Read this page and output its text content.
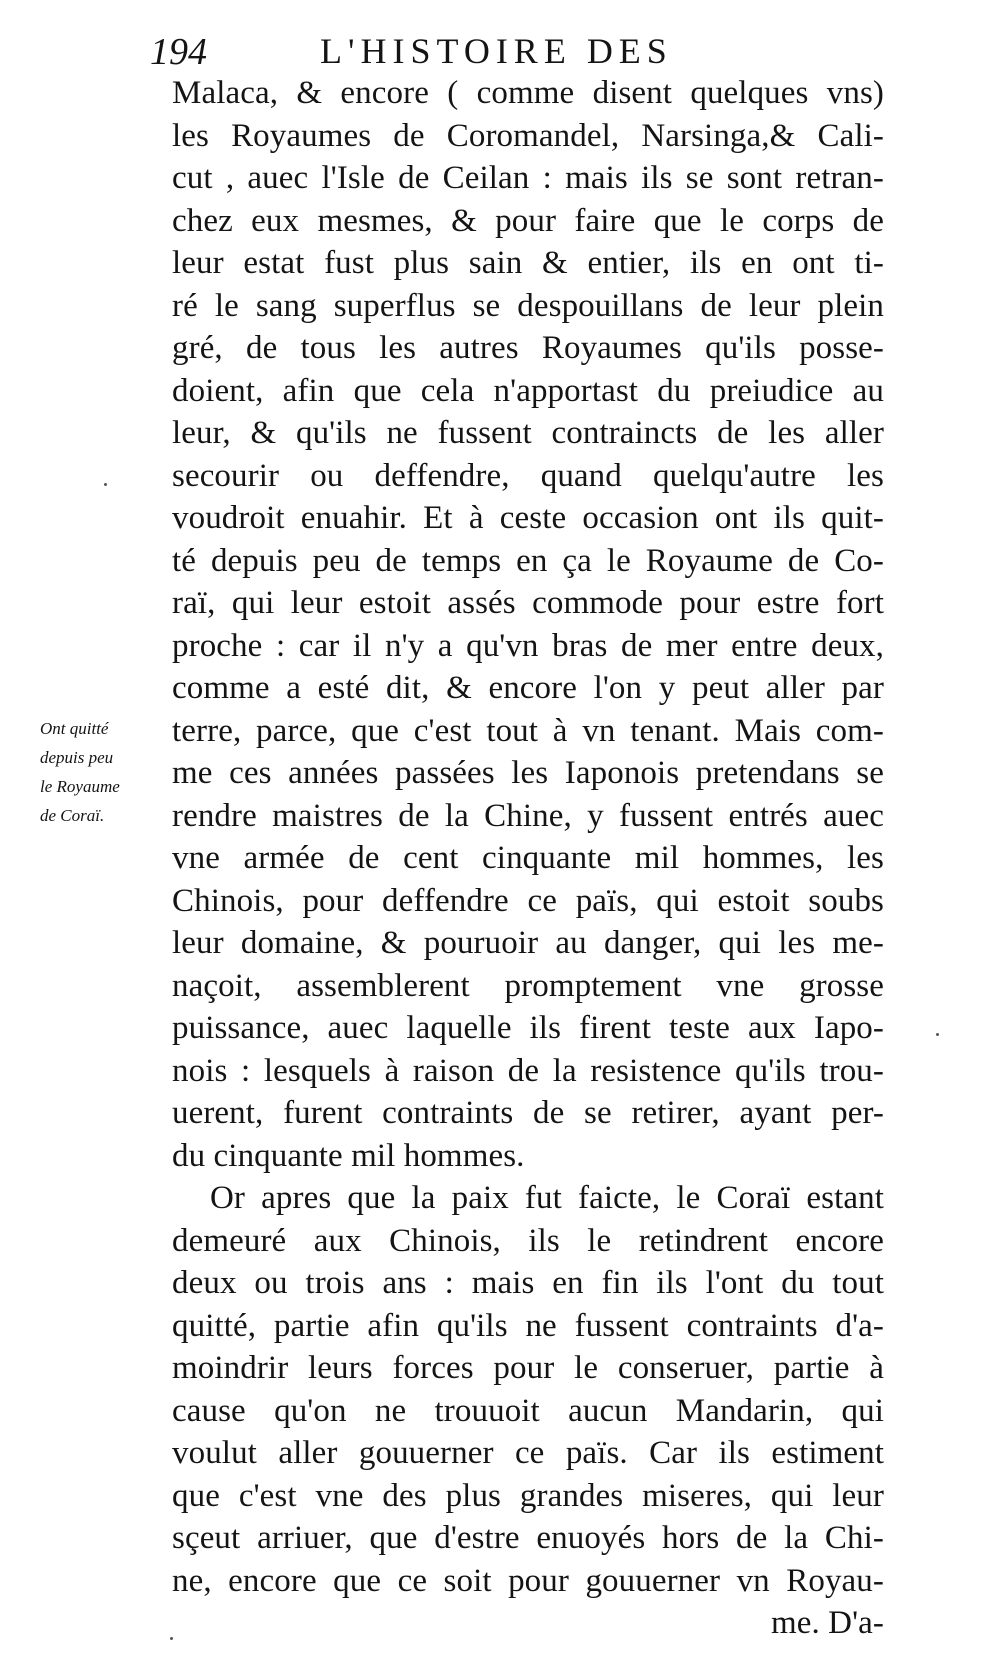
194	L'HISTOIRE DES
Ont quitté
depuis peu
le Royaume
de Coraï.
Malaca, & encore ( comme disent quelques vns)
les Royaumes de Coromandel, Narsinga,& Cali-
cut , auec l'Isle de Ceilan : mais ils se sont retran-
chez eux mesmes, & pour faire que le corps de
leur estat fust plus sain & entier, ils en ont ti-
ré le sang superflus se despouillans de leur plein
gré, de tous les autres Royaumes qu'ils posse-
doient, afin que cela n'apportast du preiudice au
leur, & qu'ils ne fussent contraincts de les aller
secourir ou deffendre, quand quelqu'autre les
voudroit enuahir. Et à ceste occasion ont ils quit-
té depuis peu de temps en ça le Royaume de Co-
raï, qui leur estoit assés commode pour estre fort
proche : car il n'y a qu'vn bras de mer entre deux,
comme a esté dit, & encore l'on y peut aller par
terre, parce, que c'est tout à vn tenant. Mais com-
me ces années passées les Iaponois pretendans se
rendre maistres de la Chine, y fussent entrés auec
vne armée de cent cinquante mil hommes, les
Chinois, pour deffendre ce païs, qui estoit soubs
leur domaine, & pouruoir au danger, qui les me-
naçoit, assemblerent promptement vne grosse
puissance, auec laquelle ils firent teste aux Iapo-
nois : lesquels à raison de la resistence qu'ils trou-
uerent, furent contraints de se retirer, ayant per-
du cinquante mil hommes.
Or apres que la paix fut faicte, le Coraï estant
demeuré aux Chinois, ils le retindrent encore
deux ou trois ans : mais en fin ils l'ont du tout
quitté, partie afin qu'ils ne fussent contraints d'a-
moindrir leurs forces pour le conseruer, partie à
cause qu'on ne trouuoit aucun Mandarin, qui
voulut aller gouuerner ce païs. Car ils estiment
que c'est vne des plus grandes miseres, qui leur
sçeut arriuer, que d'estre enuoyés hors de la Chi-
ne, encore que ce soit pour gouuerner vn Royau-
me. D'a-
